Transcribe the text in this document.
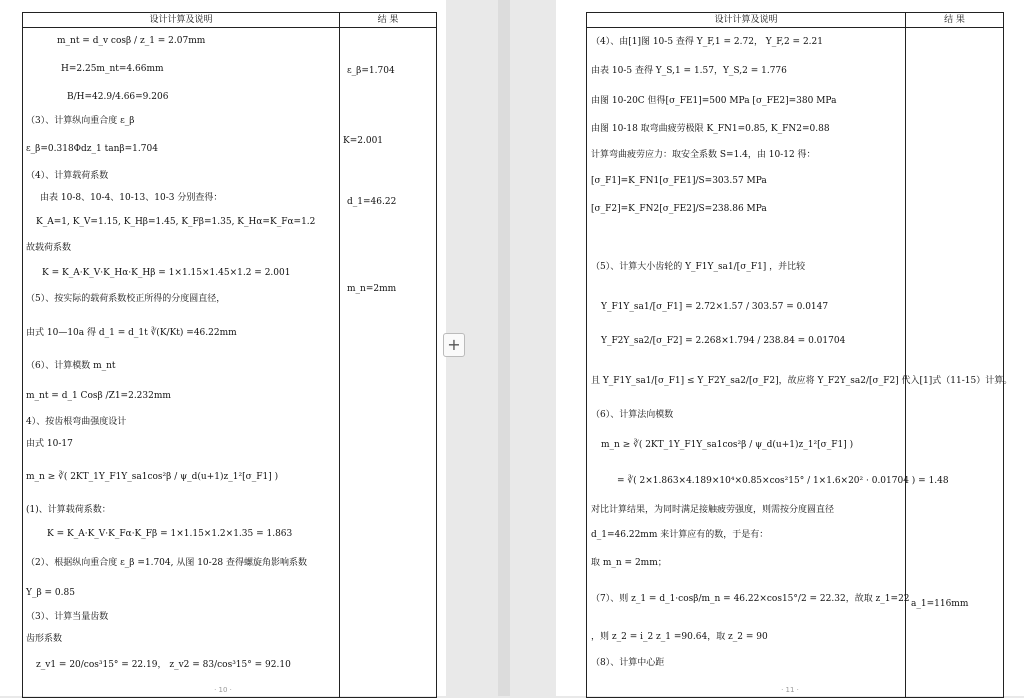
设计计算及说明	结 果
m_nt = d_v cosβ / z_1 = 2.07mm
H=2.25m_nt=4.66mm
B/H=42.9/4.66=9.206
（3）、计算纵向重合度 ε_β
ε_β=0.318Φdz_1 tanβ=1.704
（4）、计算载荷系数
由表 10-8、10-4、10-13、10-3 分别查得：
K_A=1, K_V=1.15, K_Hβ=1.45, K_Fβ=1.35, K_Hα=K_Fα=1.2
故载荷系数
K = K_A·K_V·K_Hα·K_Hβ = 1×1.15×1.45×1.2 = 2.001
（5）、按实际的载荷系数校正所得的分度圆直径，
由式 10—10a 得 d_1 = d_1t ∛(K/Kt) =46.22mm
（6）、计算模数 m_nt
m_nt = d_1 Cosβ /Z1=2.232mm
4）、按齿根弯曲强度设计
由式 10-17
m_n ≥ ∛( 2KT_1Y_F1Y_sa1cos²β / ψ_d(u+1)z_1²[σ_F1] )
(1)、计算载荷系数：
K = K_A·K_V·K_Fα·K_Fβ = 1×1.15×1.2×1.35 = 1.863
（2）、根据纵向重合度 ε_β =1.704, 从图 10-28 查得螺旋角影响系数
Y_β = 0.85
（3）、计算当量齿数
齿形系数
z_v1 = 20/cos³15° = 22.19， z_v2 = 83/cos³15° = 92.10
ε_β=1.704
K=2.001
d_1=46.22
m_n=2mm
· 10 ·
+
设计计算及说明	结 果
（4）、由[1]图 10-5 查得 Y_F,1 = 2.72， Y_F,2 = 2.21
由表 10-5 查得 Y_S,1 = 1.57，Y_S,2 = 1.776
由图 10-20C 但得[σ_FE1]=500 MPa [σ_FE2]=380 MPa
由图 10-18 取弯曲疲劳极限 K_FN1=0.85, K_FN2=0.88
计算弯曲疲劳应力：取安全系数 S=1.4，由 10-12 得：
[σ_F1]=K_FN1[σ_FE1]/S=303.57 MPa
[σ_F2]=K_FN2[σ_FE2]/S=238.86 MPa
（5）、计算大小齿轮的 Y_F1Y_sa1/[σ_F1] ，并比较
Y_F1Y_sa1/[σ_F1] = 2.72×1.57 / 303.57 = 0.0147
Y_F2Y_sa2/[σ_F2] = 2.268×1.794 / 238.84 = 0.01704
且 Y_F1Y_sa1/[σ_F1] ≤ Y_F2Y_sa2/[σ_F2]，故应将 Y_F2Y_sa2/[σ_F2] 代入[1]式（11-15）计算。
（6）、计算法向模数
m_n ≥ ∛( 2KT_1Y_F1Y_sa1cos²β / ψ_d(u+1)z_1²[σ_F1] )
= ∛( 2×1.863×4.189×10⁴×0.85×cos²15° / 1×1.6×20² · 0.01704 ) = 1.48
对比计算结果，为同时满足接触疲劳强度，则需按分度圆直径
d_1=46.22mm 来计算应有的数，于是有：
取 m_n = 2mm；
（7）、则 z_1 = d_1·cosβ/m_n = 46.22×cos15°/2 = 22.32，故取 z_1=22
，则 z_2 = i_2 z_1 =90.64，取 z_2 = 90
（8）、计算中心距
a_1=116mm
· 11 ·
